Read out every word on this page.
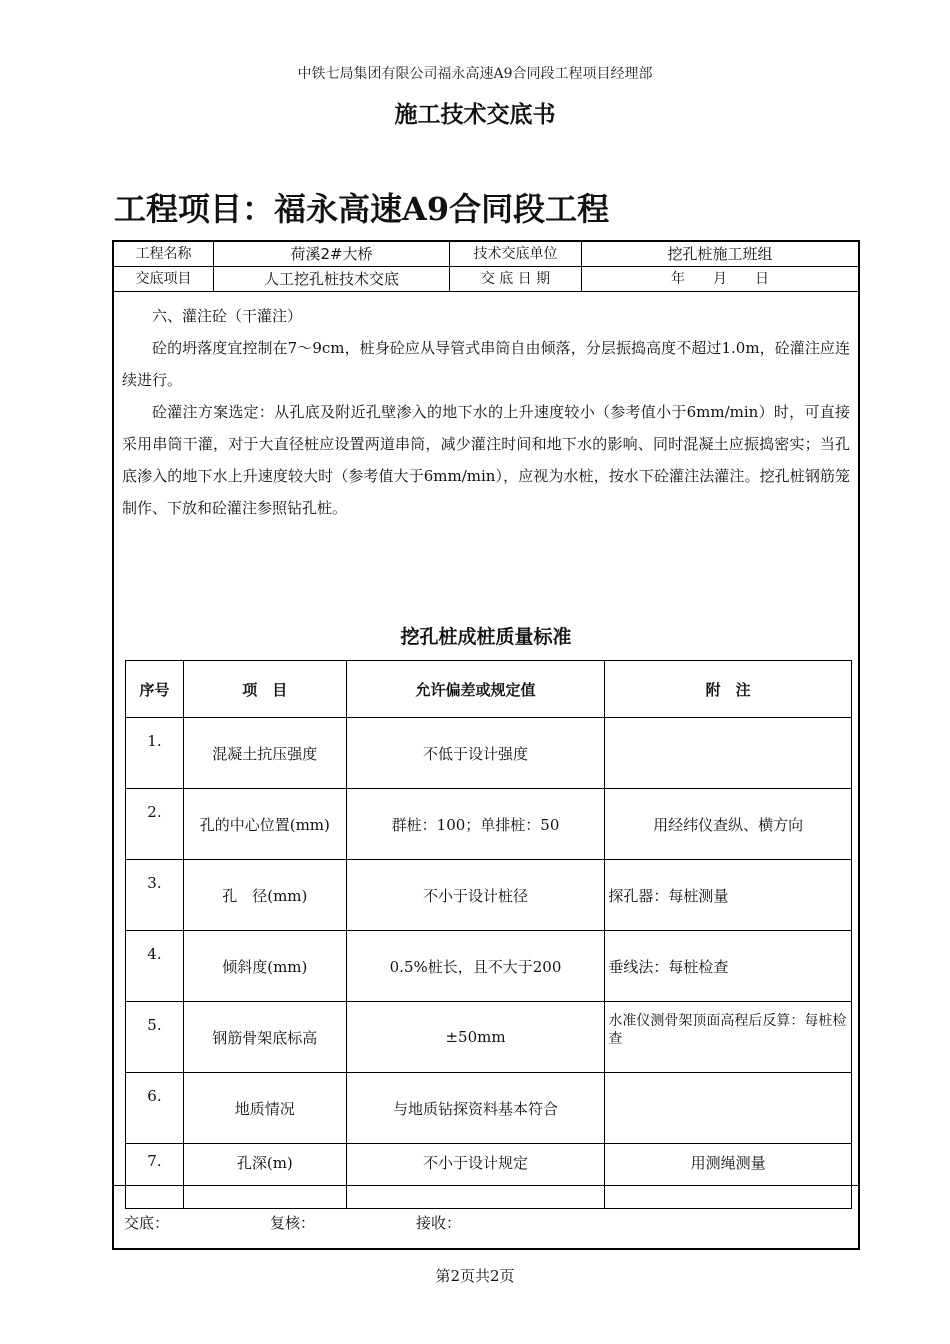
中铁七局集团有限公司福永高速A9合同段工程项目经理部
施工技术交底书
工程项目：福永高速A9合同段工程
工程名称	荷溪2#大桥	技术交底单位	挖孔桩施工班组
交底项目	人工挖孔桩技术交底	交 底 日 期	年　　月　　日

六、灌注砼（干灌注）

砼的坍落度宜控制在7～9cm，桩身砼应从导管式串筒自由倾落，分层振捣高度不超过1.0m，砼灌注应连续进行。

砼灌注方案选定：从孔底及附近孔壁渗入的地下水的上升速度较小（参考值小于6mm/min）时，可直接采用串筒干灌，对于大直径桩应设置两道串筒，减少灌注时间和地下水的影响、同时混凝土应振捣密实；当孔底渗入的地下水上升速度较大时（参考值大于6mm/min），应视为水桩，按水下砼灌注法灌注。挖孔桩钢筋笼制作、下放和砼灌注参照钻孔桩。

挖孔桩成桩质量标准
序号	项　目	允许偏差或规定值	附　注
1.	混凝土抗压强度	不低于设计强度	
2.	孔的中心位置(mm)	群桩：100；单排桩：50	用经纬仪查纵、横方向
3.	孔　径(mm)	不小于设计桩径	探孔器：每桩测量
4.	倾斜度(mm)	0.5%桩长，且不大于200	垂线法：每桩检查
5.	钢筋骨架底标高	±50mm	水准仪测骨架顶面高程后反算：每桩检查
6.	地质情况	与地质钻探资料基本符合	
7.	孔深(m)	不小于设计规定	用测绳测量
交底：	复核：	接收：
第2页共2页
